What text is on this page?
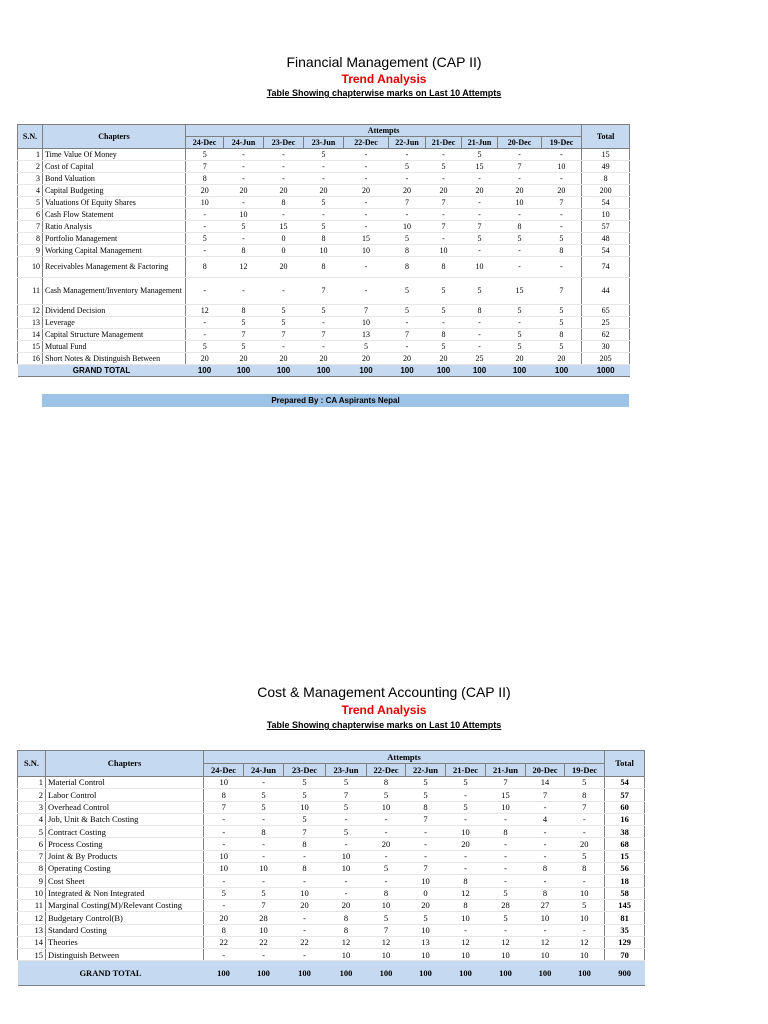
Financial Management (CAP II)
Trend Analysis
Table Showing chapterwise marks on Last 10 Attempts
S.N.	Chapters	Attempts										Total
		24-Dec	24-Jun	23-Dec	23-Jun	22-Dec	22-Jun	21-Dec	21-Jun	20-Dec	19-Dec	
1	Time Value Of Money	5	-	-	5	-	-	-	5	-	-	15
2	Cost of Capital	7	-	-	-	-	5	5	15	7	10	49
3	Bond Valuation	8	-	-	-	-	-	-	-	-	-	8
4	Capital Budgeting	20	20	20	20	20	20	20	20	20	20	200
5	Valuations Of Equity Shares	10	-	8	5	-	7	7	-	10	7	54
6	Cash Flow Statement	-	10	-	-	-	-	-	-	-	-	10
7	Ratio Analysis	-	5	15	5	-	10	7	7	8	-	57
8	Portfolio Management	5	-	0	8	15	5	-	5	5	5	48
9	Working Capital Management	-	8	0	10	10	8	10	-	-	8	54
10	Receivables Management & Factoring	8	12	20	8	-	8	8	10	-	-	74
11	Cash Management/Inventory Management	-	-	-	7	-	5	5	5	15	7	44
12	Dividend Decision	12	8	5	5	7	5	5	8	5	5	65
13	Leverage	-	5	5	-	10	-	-	-	-	5	25
14	Capital Structure Management	-	7	7	7	13	7	8	-	5	8	62
15	Mutual Fund	5	5	-	-	5	-	5	-	5	5	30
16	Short Notes & Distinguish Between	20	20	20	20	20	20	20	25	20	20	205
GRAND TOTAL		100	100	100	100	100	100	100	100	100	100	1000
Prepared By : CA Aspirants Nepal
Cost & Management Accounting (CAP II)
Trend Analysis
Table Showing chapterwise marks on Last 10 Attempts
S.N.	Chapters	Attempts										Total
		24-Dec	24-Jun	23-Dec	23-Jun	22-Dec	22-Jun	21-Dec	21-Jun	20-Dec	19-Dec	
1	Material Control	10	-	5	5	8	5	5	7	14	5	54
2	Labor Control	8	5	5	7	5	5	-	15	7	8	57
3	Overhead Control	7	5	10	5	10	8	5	10	-	7	60
4	Job, Unit & Batch Costing	-	-	5	-	-	7	-	-	4	-	16
5	Contract Costing	-	8	7	5	-	-	10	8	-	-	38
6	Process Costing	-	-	8	-	20	-	20	-	-	20	68
7	Joint & By Products	10	-	-	10	-	-	-	-	-	5	15
8	Operating Costing	10	10	8	10	5	7	-	-	8	8	56
9	Cost Sheet	-	-	-	-	-	10	8	-	-	-	18
10	Integrated & Non Integrated	5	5	10	-	8	0	12	5	8	10	58
11	Marginal Costing(M)/Relevant Costing	-	7	20	20	10	20	8	28	27	5	145
12	Budgetary Control(B)	20	28	-	8	5	5	10	5	10	10	81
13	Standard Costing	8	10	-	8	7	10	-	-	-	-	35
14	Theories	22	22	22	12	12	13	12	12	12	12	129
15	Distinguish Between	-	-	-	10	10	10	10	10	10	10	70
GRAND TOTAL		100	100	100	100	100	100	100	100	100	100	900
